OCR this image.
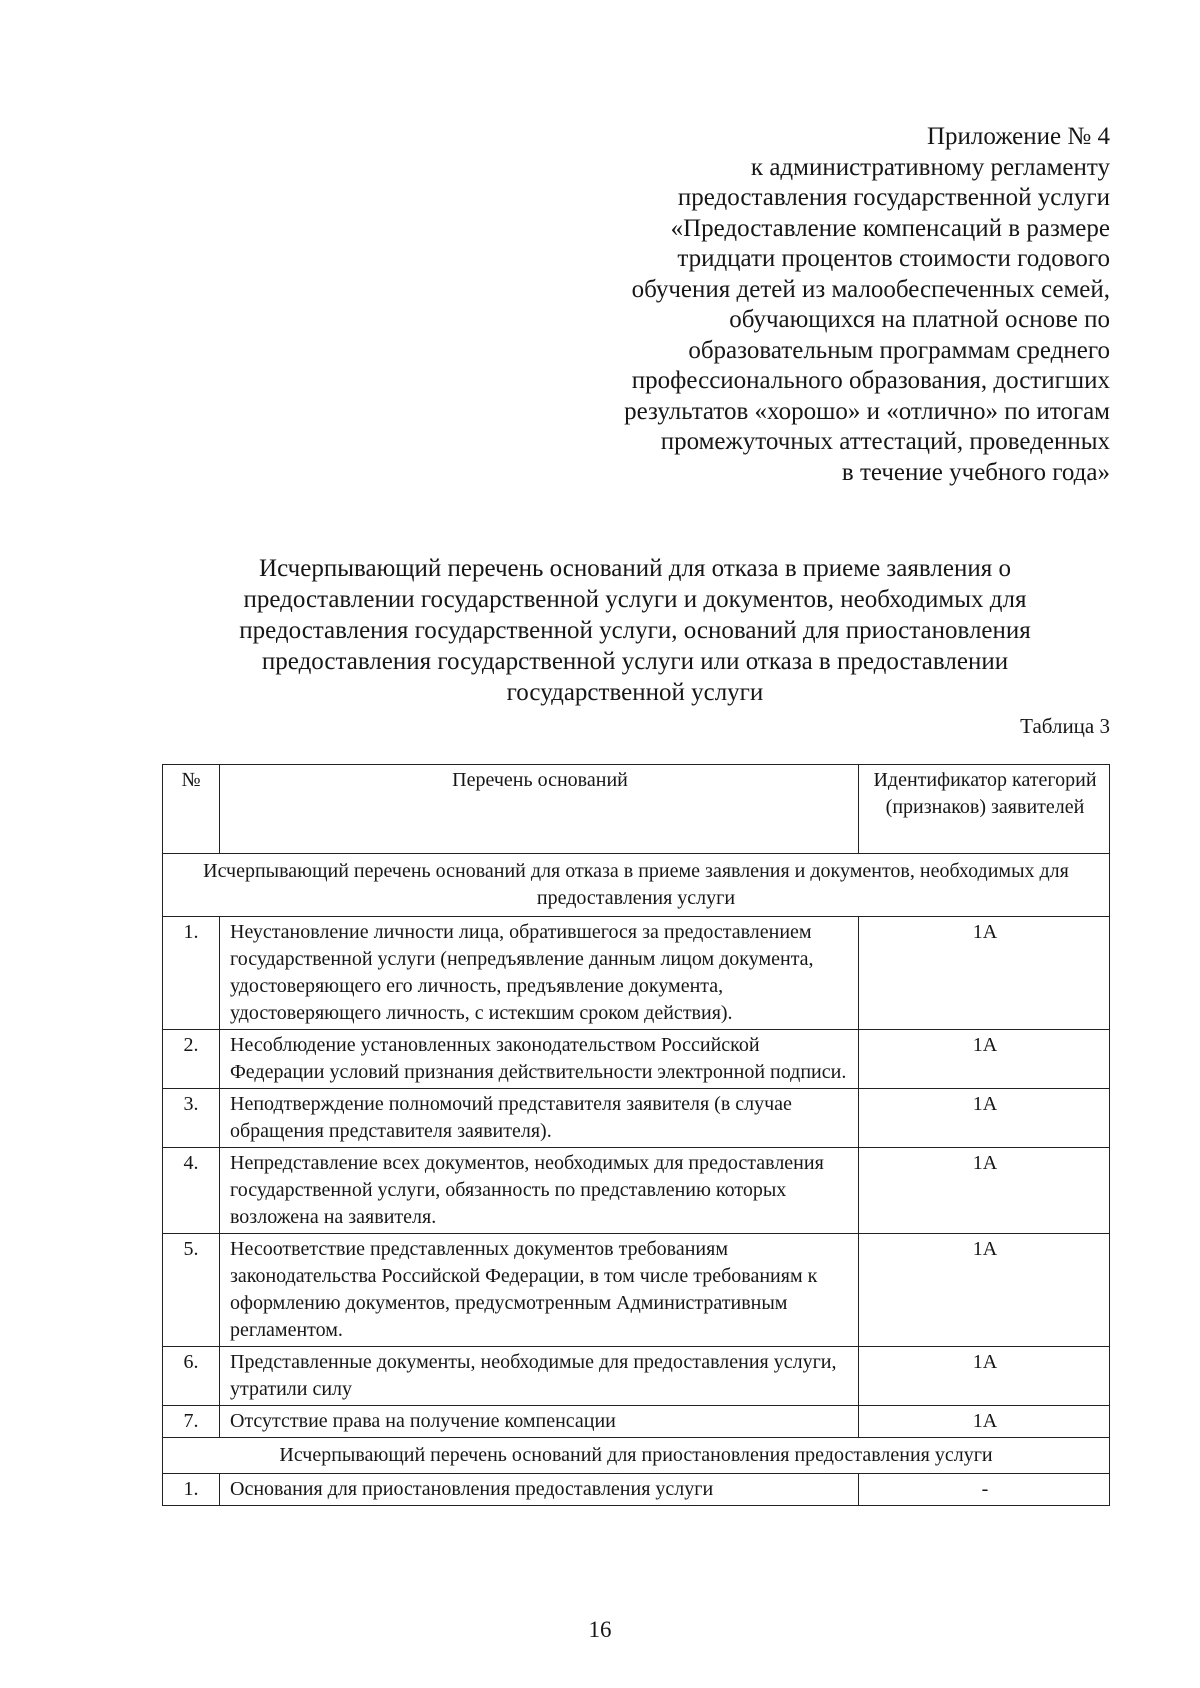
Приложение № 4
к административному регламенту
предоставления государственной услуги
«Предоставление компенсаций в размере
тридцати процентов стоимости годового
обучения детей из малообеспеченных семей,
обучающихся на платной основе по
образовательным программам среднего
профессионального образования, достигших
результатов «хорошо» и «отлично» по итогам
промежуточных аттестаций, проведенных
в течение учебного года»
Исчерпывающий перечень оснований для отказа в приеме заявления о
предоставлении государственной услуги и документов, необходимых для
предоставления государственной услуги, оснований для приостановления
предоставления государственной услуги или отказа в предоставлении
государственной услуги
Таблица 3
№	Перечень оснований	Идентификатор категорий (признаков) заявителей
Исчерпывающий перечень оснований для отказа в приеме заявления и документов, необходимых для предоставления услуги		
1.	Неустановление личности лица, обратившегося за предоставлением государственной услуги (непредъявление данным лицом документа, удостоверяющего его личность, предъявление документа, удостоверяющего личность, с истекшим сроком действия).	1А
2.	Несоблюдение установленных законодательством Российской Федерации условий признания действительности электронной подписи.	1А
3.	Неподтверждение полномочий представителя заявителя (в случае обращения представителя заявителя).	1А
4.	Непредставление всех документов, необходимых для предоставления государственной услуги, обязанность по представлению которых возложена на заявителя.	1А
5.	Несоответствие представленных документов требованиям законодательства Российской Федерации, в том числе требованиям к оформлению документов, предусмотренным Административным регламентом.	1А
6.	Представленные документы, необходимые для предоставления услуги, утратили силу	1А
7.	Отсутствие права на получение компенсации	1А
Исчерпывающий перечень оснований для приостановления предоставления услуги		
1.	Основания для приостановления предоставления услуги	-
16
